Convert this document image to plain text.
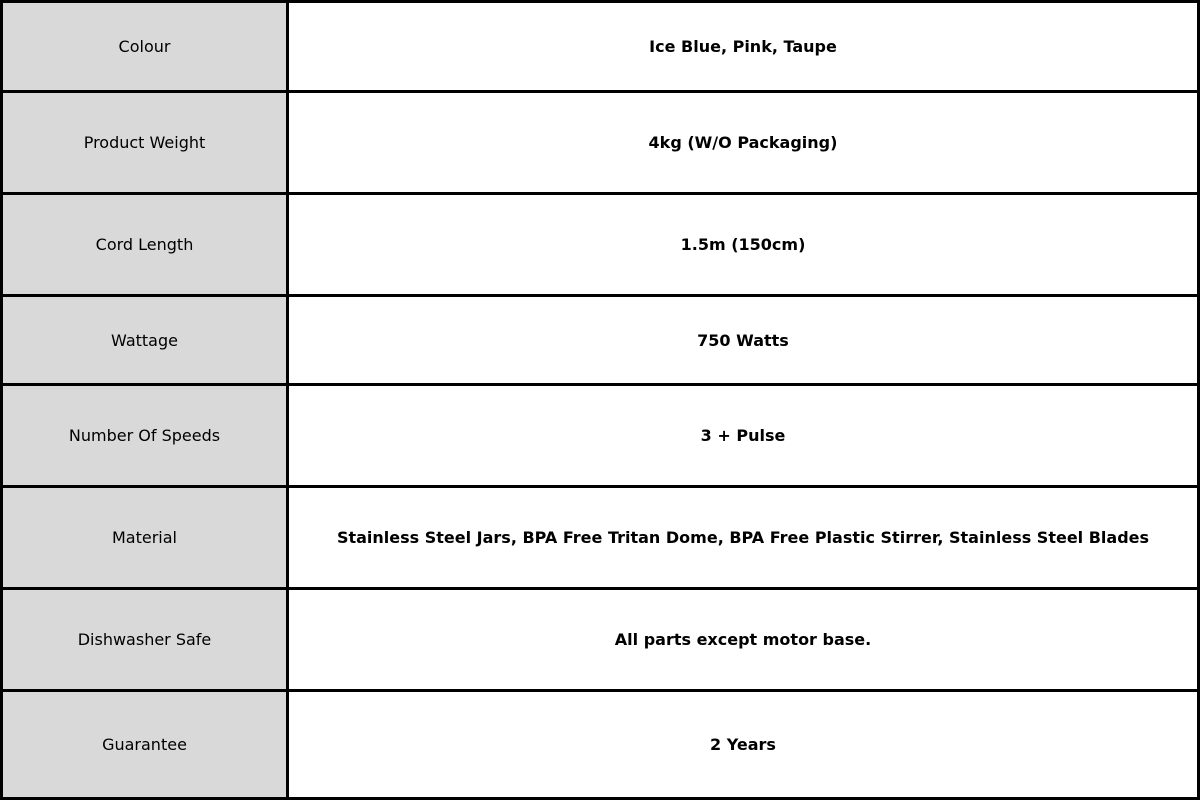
Colour	Ice Blue, Pink, Taupe
Product Weight	4kg (W/O Packaging)
Cord Length	1.5m (150cm)
Wattage	750 Watts
Number Of Speeds	3 + Pulse
Material	Stainless Steel Jars, BPA Free Tritan Dome, BPA Free Plastic Stirrer, Stainless Steel Blades
Dishwasher Safe	All parts except motor base.
Guarantee	2 Years
